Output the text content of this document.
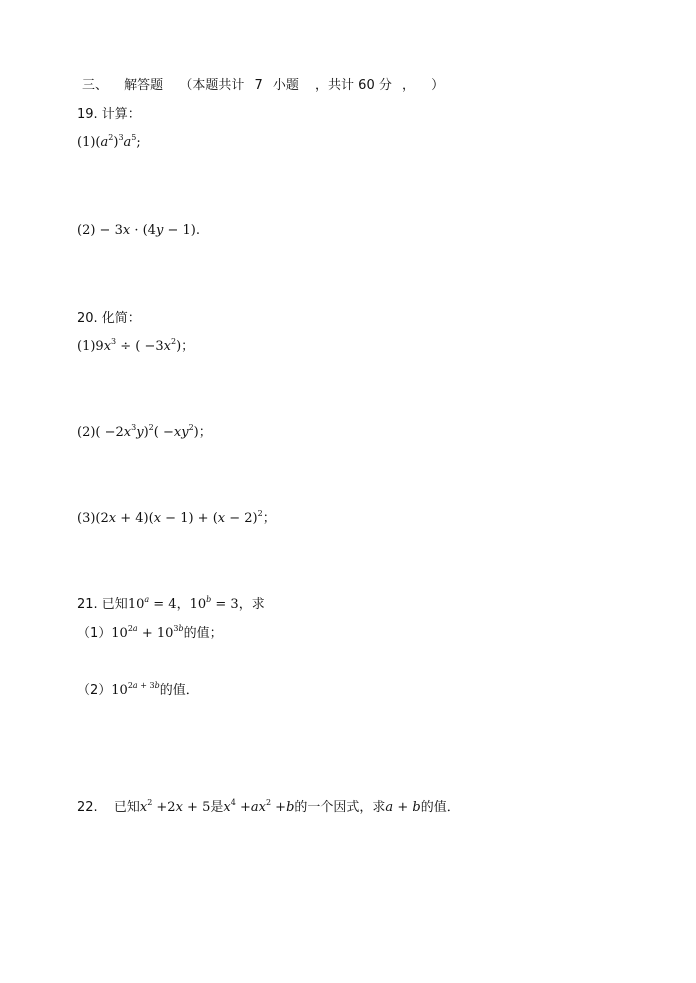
三、 解答题 （本题共计 7 小题 ，共计 60 分 ， ）
19. 计算：
$(1)(a^2)^3a^5$;
(2) − 3x · (4y − 1).
20. 化简：
$(1)9x^3$ ÷ ( $-3x^2$)；
$(2)( -2x^3y)^2( -xy^2)$；
$(3)(2x + 4)(x - 1) + (x - 2)^2$；
21. 已知$10^a = 4$，$10^b = 3$，求
$(1)10^{2a} + 10^{3b}$的值；
$(2)10^{2a + 3b}$的值．
22. 已知$x^2 +2x + 5$是$x^4 +ax^2 +b$的一个因式，求a + b的值．
